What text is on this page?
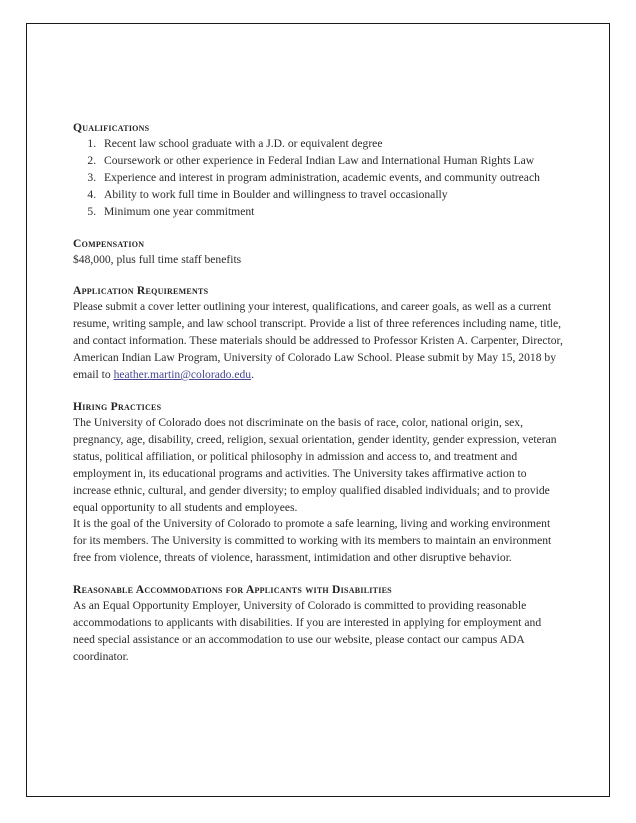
Qualifications
1. Recent law school graduate with a J.D. or equivalent degree
2. Coursework or other experience in Federal Indian Law and International Human Rights Law
3. Experience and interest in program administration, academic events, and community outreach
4. Ability to work full time in Boulder and willingness to travel occasionally
5. Minimum one year commitment
Compensation

$48,000, plus full time staff benefits

Application Requirements

Please submit a cover letter outlining your interest, qualifications, and career goals, as well as a current resume, writing sample, and law school transcript. Provide a list of three references including name, title, and contact information. These materials should be addressed to Professor Kristen A. Carpenter, Director, American Indian Law Program, University of Colorado Law School. Please submit by May 15, 2018 by email to heather.martin@colorado.edu.

Hiring Practices

The University of Colorado does not discriminate on the basis of race, color, national origin, sex, pregnancy, age, disability, creed, religion, sexual orientation, gender identity, gender expression, veteran status, political affiliation, or political philosophy in admission and access to, and treatment and employment in, its educational programs and activities. The University takes affirmative action to increase ethnic, cultural, and gender diversity; to employ qualified disabled individuals; and to provide equal opportunity to all students and employees.

It is the goal of the University of Colorado to promote a safe learning, living and working environment for its members. The University is committed to working with its members to maintain an environment free from violence, threats of violence, harassment, intimidation and other disruptive behavior.

Reasonable Accommodations for Applicants with Disabilities

As an Equal Opportunity Employer, University of Colorado is committed to providing reasonable accommodations to applicants with disabilities. If you are interested in applying for employment and need special assistance or an accommodation to use our website, please contact our campus ADA coordinator.
